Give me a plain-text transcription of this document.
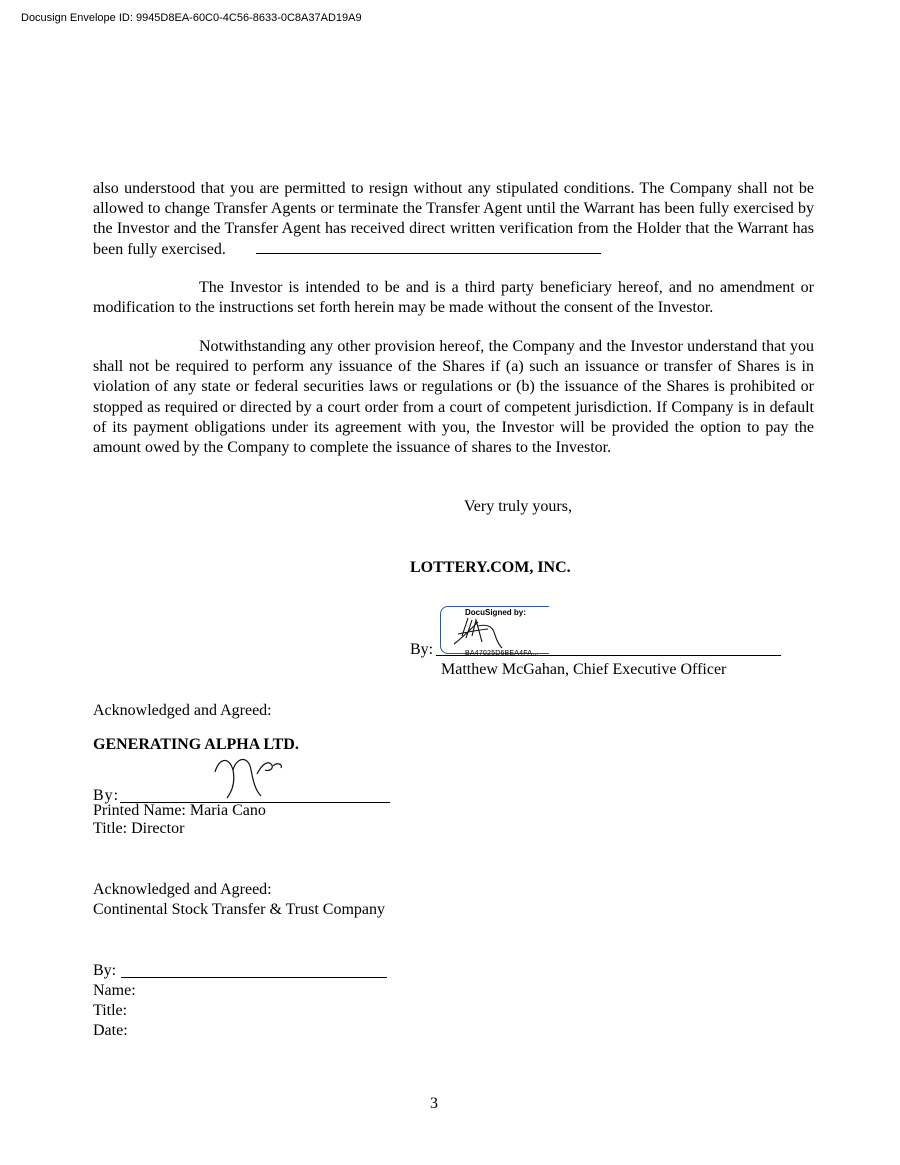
Docusign Envelope ID: 9945D8EA-60C0-4C56-8633-0C8A37AD19A9
also understood that you are permitted to resign without any stipulated conditions. The Company shall not be allowed to change Transfer Agents or terminate the Transfer Agent until the Warrant has been fully exercised by the Investor and the Transfer Agent has received direct written verification from the Holder that the Warrant has been fully exercised.
The Investor is intended to be and is a third party beneficiary hereof, and no amendment or modification to the instructions set forth herein may be made without the consent of the Investor.
Notwithstanding any other provision hereof, the Company and the Investor understand that you shall not be required to perform any issuance of the Shares if (a) such an issuance or transfer of Shares is in violation of any state or federal securities laws or regulations or (b) the issuance of the Shares is prohibited or stopped as required or directed by a court order from a court of competent jurisdiction. If Company is in default of its payment obligations under its agreement with you, the Investor will be provided the option to pay the amount owed by the Company to complete the issuance of shares to the Investor.
Very truly yours,
LOTTERY.COM, INC.
DocuSigned by:
BA47025D6BEA4FA...
By:
Matthew McGahan, Chief Executive Officer
Acknowledged and Agreed:
GENERATING ALPHA LTD.
By:
Printed Name: Maria Cano
Title: Director
Acknowledged and Agreed:
Continental Stock Transfer & Trust Company
By:
Name:
Title:
Date:
3
